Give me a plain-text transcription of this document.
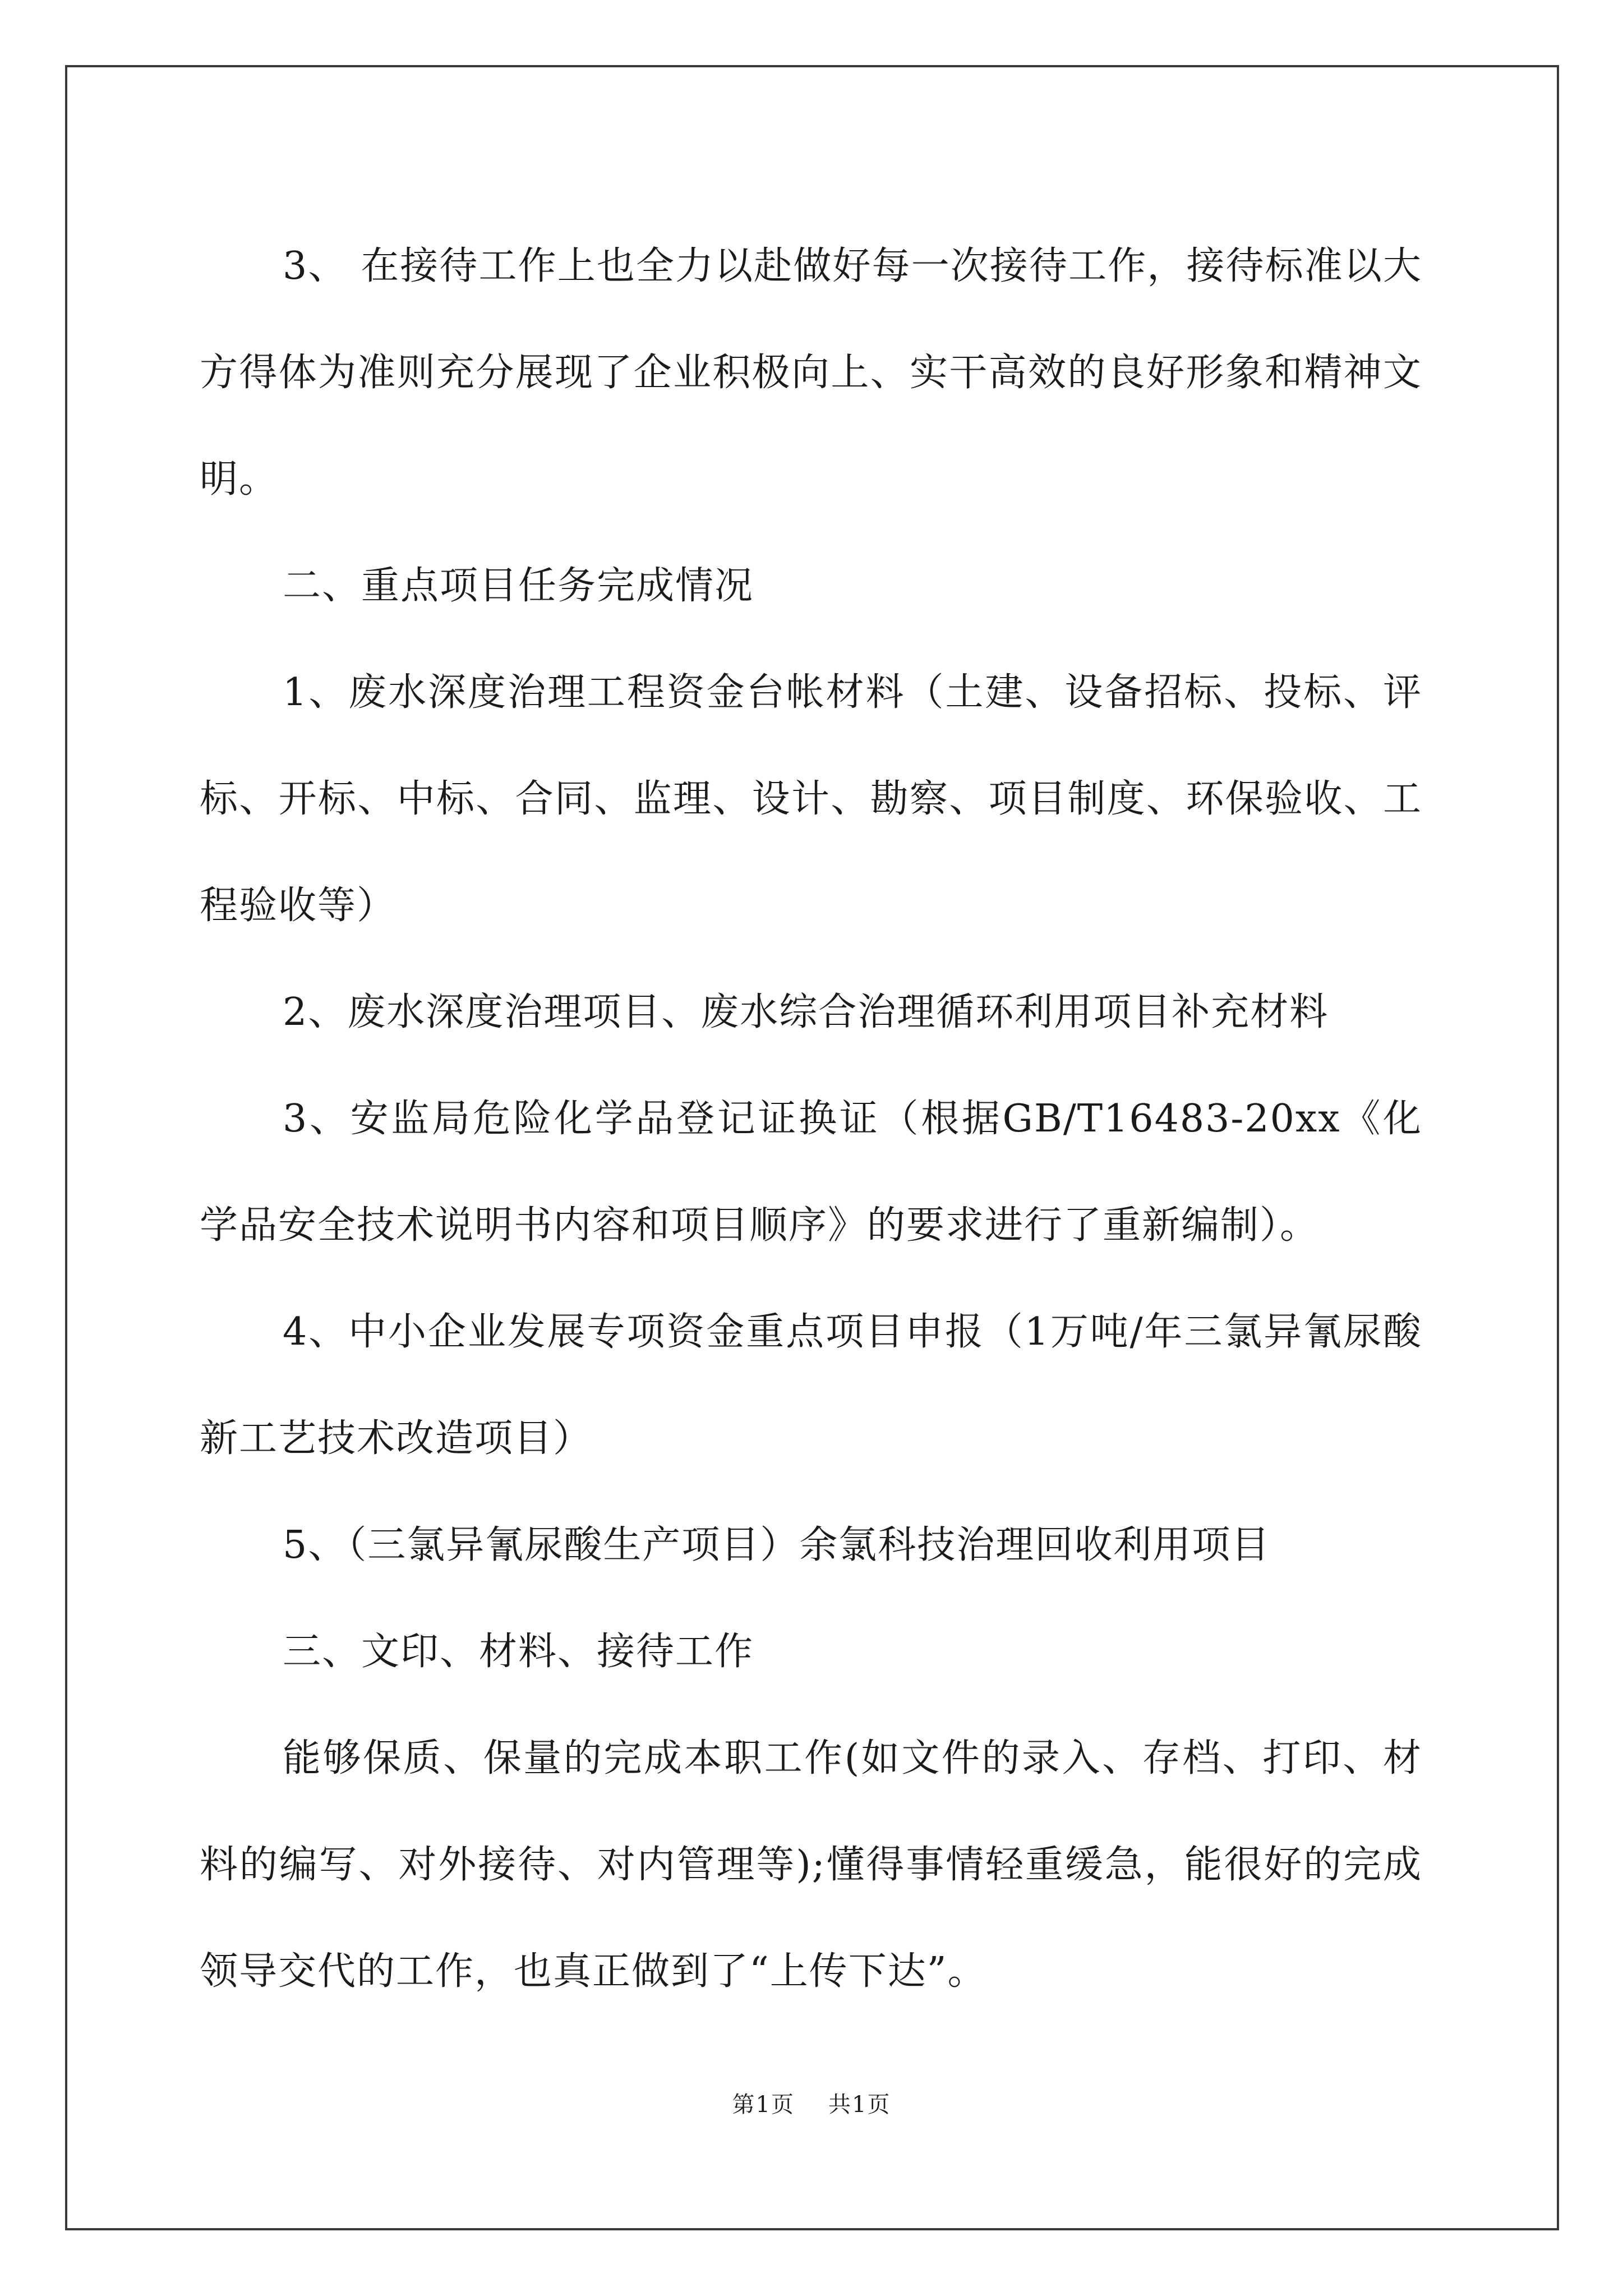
3、 在接待工作上也全力以赴做好每一次接待工作，接待标准以大方得体为准则充分展现了企业积极向上、实干高效的良好形象和精神文明。

二、重点项目任务完成情况

1、废水深度治理工程资金台帐材料（土建、设备招标、投标、评标、开标、中标、合同、监理、设计、勘察、项目制度、环保验收、工程验收等）

2、废水深度治理项目、废水综合治理循环利用项目补充材料

3、安监局危险化学品登记证换证（根据GB/T16483-20xx《化学品安全技术说明书内容和项目顺序》的要求进行了重新编制）。

4、中小企业发展专项资金重点项目申报（1万吨/年三氯异氰尿酸新工艺技术改造项目）

5、（三氯异氰尿酸生产项目）余氯科技治理回收利用项目

三、文印、材料、接待工作

能够保质、保量的完成本职工作(如文件的录入、存档、打印、材料的编写、对外接待、对内管理等);懂得事情轻重缓急，能很好的完成领导交代的工作，也真正做到了“上传下达”。

第1页 共1页
